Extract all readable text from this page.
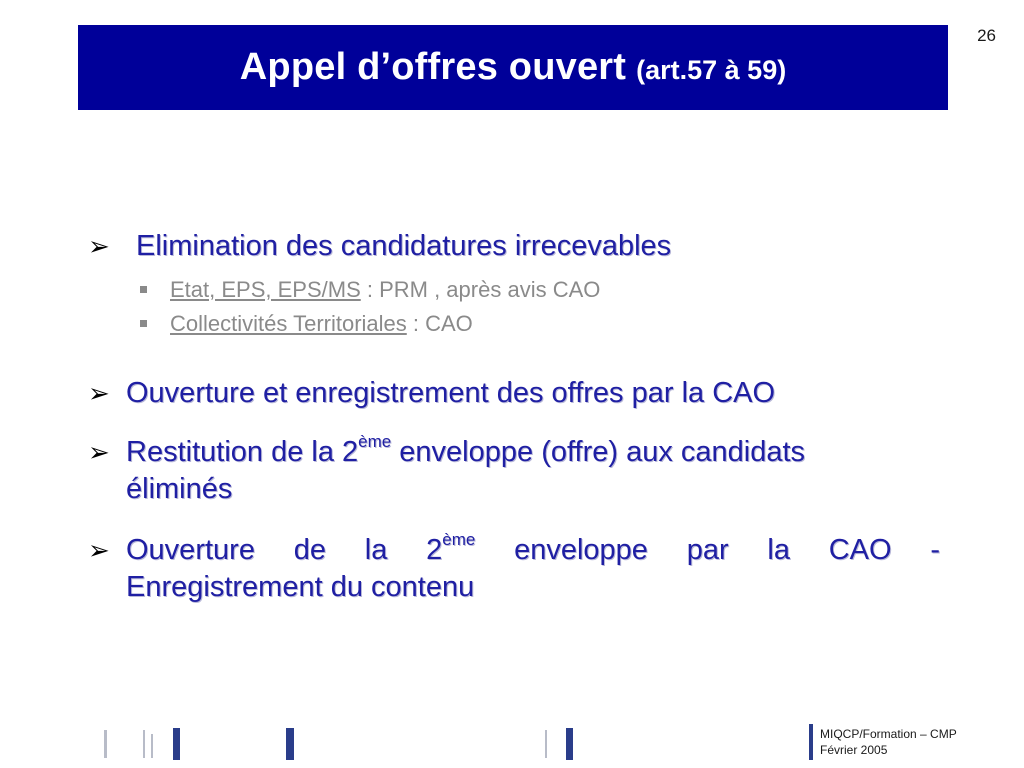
26
Appel d’offres ouvert (art.57 à 59)
➢ Elimination des candidatures irrecevables
Etat, EPS, EPS/MS : PRM , après avis CAO
Collectivités Territoriales : CAO
➢ Ouverture et enregistrement des offres par la CAO
➢ Restitution de la 2ème enveloppe (offre) aux candidats
éliminés
➢ Ouverture de la 2ème enveloppe par la CAO -
Enregistrement du contenu
MIQCP/Formation – CMP
Février 2005
